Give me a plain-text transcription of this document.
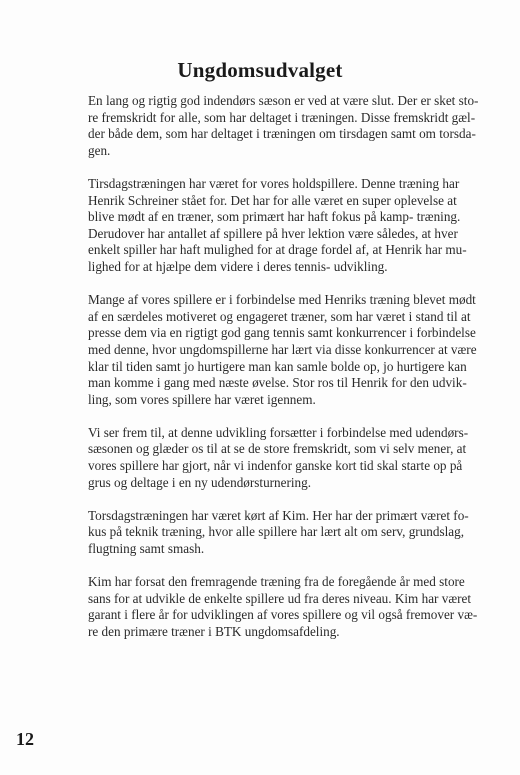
Ungdomsudvalget

En lang og rigtig god indendørs sæson er ved at være slut. Der er sket sto-
re fremskridt for alle, som har deltaget i træningen. Disse fremskridt gæl-
der både dem, som har deltaget i træningen om tirsdagen samt om torsda-
gen.

Tirsdagstræningen har været for vores holdspillere. Denne træning har
Henrik Schreiner stået for. Det har for alle været en super oplevelse at
blive mødt af en træner, som primært har haft fokus på kamp- træning.
Derudover har antallet af spillere på hver lektion være således, at hver
enkelt spiller har haft mulighed for at drage fordel af, at Henrik har mu-
lighed for at hjælpe dem videre i deres tennis- udvikling.

Mange af vores spillere er i forbindelse med Henriks træning blevet mødt
af en særdeles motiveret og engageret træner, som har været i stand til at
presse dem via en rigtigt god gang tennis samt konkurrencer i forbindelse
med denne, hvor ungdomspillerne har lært via disse konkurrencer at være
klar til tiden samt jo hurtigere man kan samle bolde op, jo hurtigere kan
man komme i gang med næste øvelse. Stor ros til Henrik for den udvik-
ling, som vores spillere har været igennem.

Vi ser frem til, at denne udvikling forsætter i forbindelse med udendørs-
sæsonen og glæder os til at se de store fremskridt, som vi selv mener, at
vores spillere har gjort, når vi indenfor ganske kort tid skal starte op på
grus og deltage i en ny udendørsturnering.

Torsdagstræningen har været kørt af Kim. Her har der primært været fo-
kus på teknik træning, hvor alle spillere har lært alt om serv, grundslag,
flugtning samt smash.

Kim har forsat den fremragende træning fra de foregående år med store
sans for at udvikle de enkelte spillere ud fra deres niveau. Kim har været
garant i flere år for udviklingen af vores spillere og vil også fremover væ-
re den primære træner i BTK ungdomsafdeling.

12
